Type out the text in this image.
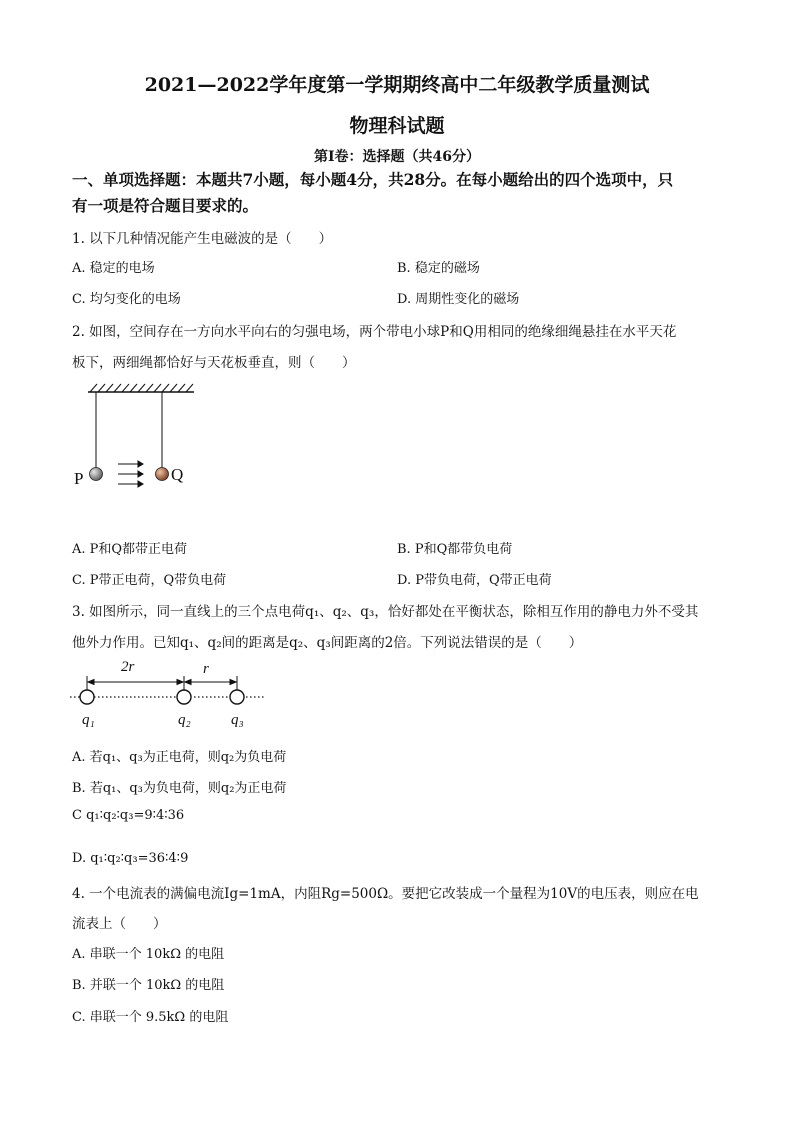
2021—2022学年度第一学期期终高中二年级教学质量测试
物理科试题
第Ⅰ卷：选择题（共46分）
一、单项选择题：本题共7小题，每小题4分，共28分。在每小题给出的四个选项中，只
有一项是符合题目要求的。
1. 以下几种情况能产生电磁波的是（　　）
A. 稳定的电场	B. 稳定的磁场
C. 均匀变化的电场	D. 周期性变化的磁场
2. 如图，空间存在一方向水平向右的匀强电场，两个带电小球P和Q用相同的绝缘细绳悬挂在水平天花
板下，两细绳都恰好与天花板垂直，则（　　）
P	Q
A. P和Q都带正电荷	B. P和Q都带负电荷
C. P带正电荷，Q带负电荷	D. P带负电荷，Q带正电荷
3. 如图所示，同一直线上的三个点电荷q₁、q₂、q₃，恰好都处在平衡状态，除相互作用的静电力外不受其
他外力作用。已知q₁、q₂间的距离是q₂、q₃间距离的2倍。下列说法错误的是（　　）
2r	r
q₁	q₂	q₃
A. 若q₁、q₃为正电荷，则q₂为负电荷
B. 若q₁、q₃为负电荷，则q₂为正电荷
C q₁∶q₂∶q₃=9∶4∶36
D. q₁∶q₂∶q₃=36∶4∶9
4. 一个电流表的满偏电流Ig=1mA，内阻Rg=500Ω。要把它改装成一个量程为10V的电压表，则应在电
流表上（　　）
A. 串联一个 10kΩ 的电阻
B. 并联一个 10kΩ 的电阻
C. 串联一个 9.5kΩ 的电阻
